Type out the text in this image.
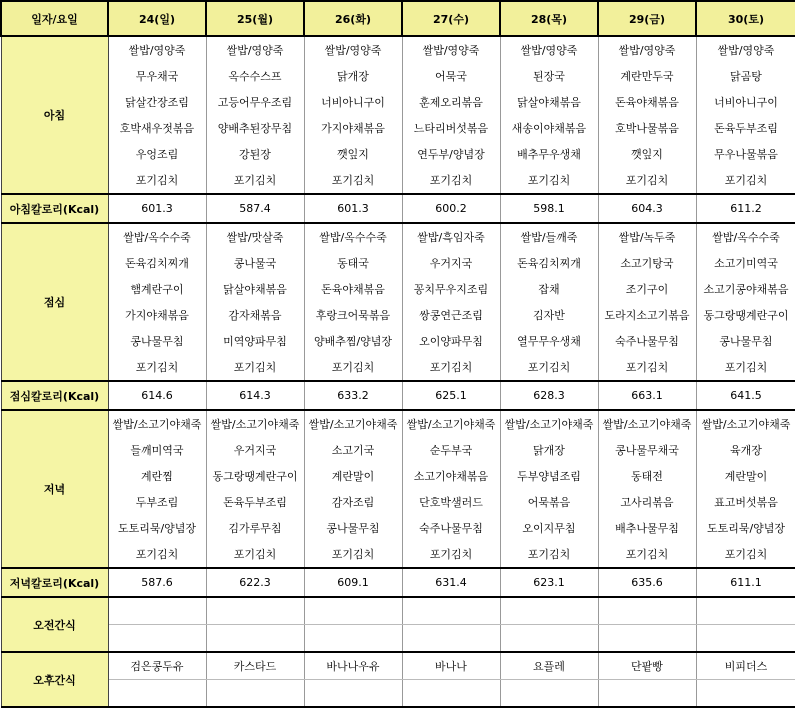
일자/요일	24(일)	25(월)	26(화)	27(수)	28(목)	29(금)	30(토)
아침	쌀밥/영양죽	쌀밥/영양죽	쌀밥/영양죽	쌀밥/영양죽	쌀밥/영양죽	쌀밥/영양죽	쌀밥/영양죽
	무우채국	옥수수스프	닭개장	어묵국	된장국	계란만두국	닭곰탕
	닭살간장조림	고등어무우조림	너비아니구이	훈제오리볶음	닭살야채볶음	돈육야채볶음	너비아니구이
	호박새우젓볶음	양배추된장무침	가지야채볶음	느타리버섯볶음	새송이야채볶음	호박나물볶음	돈육두부조림
	우엉조림	강된장	깻잎지	연두부/양념장	배추무우생채	깻잎지	무우나물볶음
	포기김치	포기김치	포기김치	포기김치	포기김치	포기김치	포기김치
아침칼로리(Kcal)	601.3	587.4	601.3	600.2	598.1	604.3	611.2
점심	쌀밥/옥수수죽	쌀밥/맛살죽	쌀밥/옥수수죽	쌀밥/흑임자죽	쌀밥/들깨죽	쌀밥/녹두죽	쌀밥/옥수수죽
	돈육김치찌개	콩나물국	동태국	우거지국	돈육김치찌개	소고기탕국	소고기미역국
	햄계란구이	닭살야채볶음	돈육야채볶음	꽁치무우지조림	잡채	조기구이	소고기콩야채볶음
	가지야채볶음	감자채볶음	후랑크어묵볶음	쌍콩연근조림	김자반	도라지소고기볶음	동그랑땡계란구이
	콩나물무침	미역양파무침	양배추찜/양념장	오이양파무침	열무무우생채	숙주나물무침	콩나물무침
	포기김치	포기김치	포기김치	포기김치	포기김치	포기김치	포기김치
점심칼로리(Kcal)	614.6	614.3	633.2	625.1	628.3	663.1	641.5
저녁	쌀밥/소고기야채죽	쌀밥/소고기야채죽	쌀밥/소고기야채죽	쌀밥/소고기야채죽	쌀밥/소고기야채죽	쌀밥/소고기야채죽	쌀밥/소고기야채죽
	들깨미역국	우거지국	소고기국	순두부국	닭개장	콩나물무채국	육개장
	계란찜	동그랑땡계란구이	계란말이	소고기야채볶음	두부양념조림	동태전	계란말이
	두부조림	돈육두부조림	감자조림	단호박샐러드	어묵볶음	고사리볶음	표고버섯볶음
	도토리묵/양념장	김가루무침	콩나물무침	숙주나물무침	오이지무침	배추나물무침	도토리묵/양념장
	포기김치	포기김치	포기김치	포기김치	포기김치	포기김치	포기김치
저녁칼로리(Kcal)	587.6	622.3	609.1	631.4	623.1	635.6	611.1
오전간식							

오후간식	검은콩두유	카스타드	바나나우유	바나나	요플레	단팥빵	비피더스
